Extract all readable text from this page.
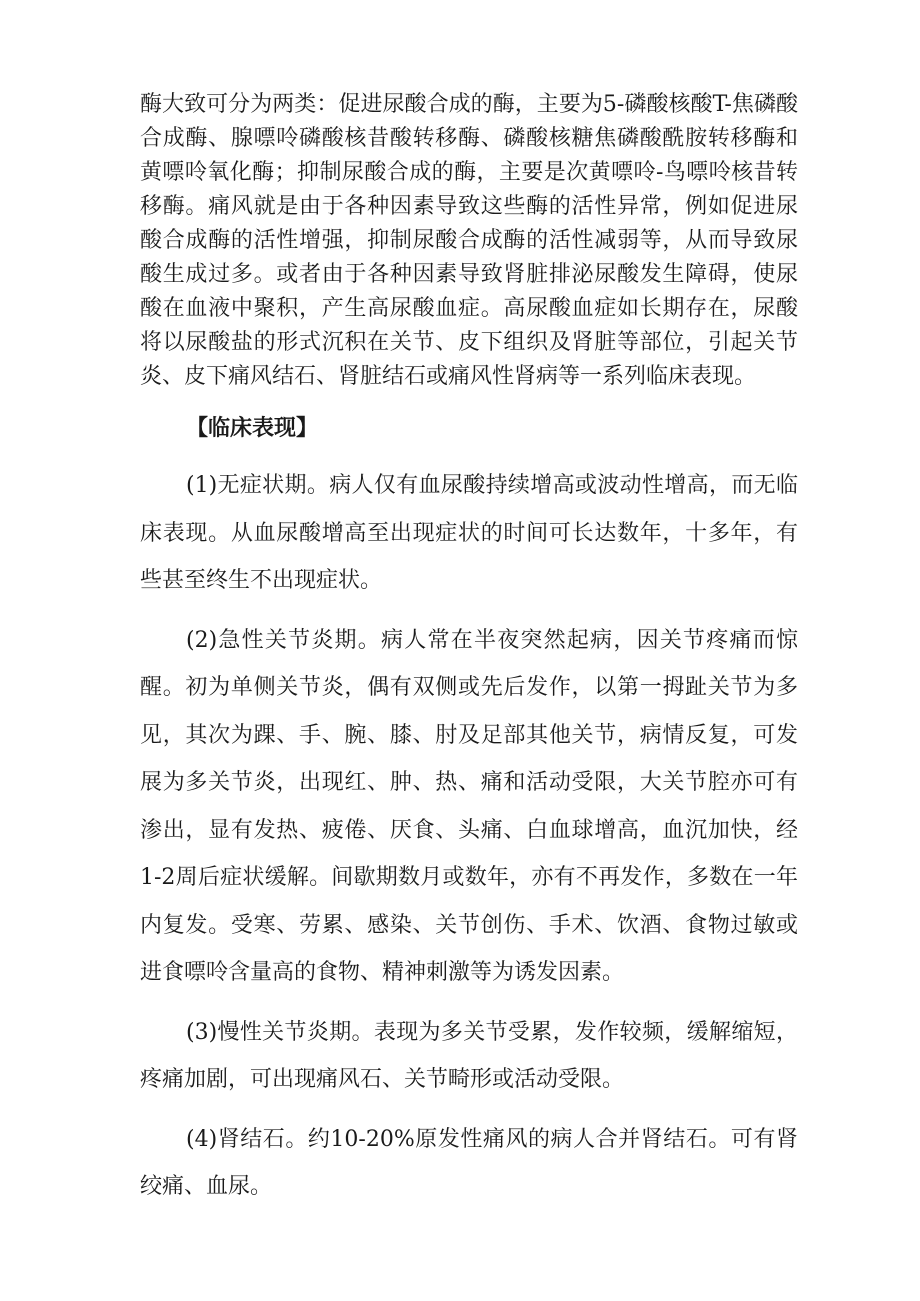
酶大致可分为两类：促进尿酸合成的酶，主要为5-磷酸核酸T-焦磷酸合成酶、腺嘌呤磷酸核昔酸转移酶、磷酸核糖焦磷酸酰胺转移酶和黄嘌呤氧化酶；抑制尿酸合成的酶，主要是次黄嘌呤-鸟嘌呤核昔转移酶。痛风就是由于各种因素导致这些酶的活性异常，例如促进尿酸合成酶的活性增强，抑制尿酸合成酶的活性减弱等，从而导致尿酸生成过多。或者由于各种因素导致肾脏排泌尿酸发生障碍，使尿酸在血液中聚积，产生高尿酸血症。高尿酸血症如长期存在，尿酸将以尿酸盐的形式沉积在关节、皮下组织及肾脏等部位，引起关节炎、皮下痛风结石、肾脏结石或痛风性肾病等一系列临床表现。

【临床表现】

(1)无症状期。病人仅有血尿酸持续增高或波动性增高，而无临床表现。从血尿酸增高至出现症状的时间可长达数年，十多年，有些甚至终生不出现症状。

(2)急性关节炎期。病人常在半夜突然起病，因关节疼痛而惊醒。初为单侧关节炎，偶有双侧或先后发作，以第一拇趾关节为多见，其次为踝、手、腕、膝、肘及足部其他关节，病情反复，可发展为多关节炎，出现红、肿、热、痛和活动受限，大关节腔亦可有渗出，显有发热、疲倦、厌食、头痛、白血球增高，血沉加快，经1-2周后症状缓解。间歇期数月或数年，亦有不再发作，多数在一年内复发。受寒、劳累、感染、关节创伤、手术、饮酒、食物过敏或进食嘌呤含量高的食物、精神刺激等为诱发因素。

(3)慢性关节炎期。表现为多关节受累，发作较频，缓解缩短，疼痛加剧，可出现痛风石、关节畸形或活动受限。

(4)肾结石。约10-20%原发性痛风的病人合并肾结石。可有肾绞痛、血尿。
